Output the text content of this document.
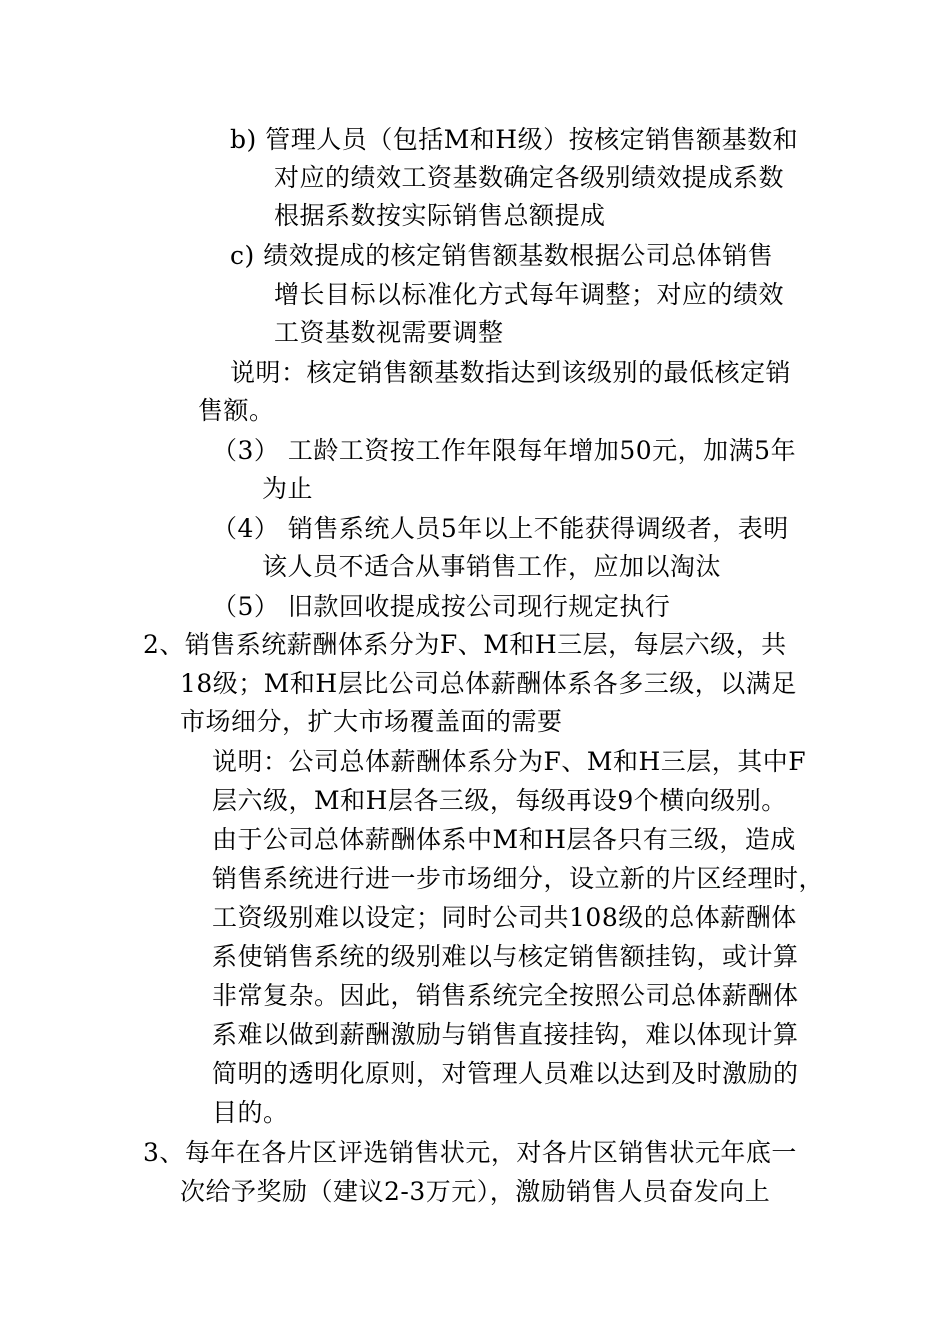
b) 管理人员（包括M和H级）按核定销售额基数和
对应的绩效工资基数确定各级别绩效提成系数
根据系数按实际销售总额提成
c) 绩效提成的核定销售额基数根据公司总体销售
增长目标以标准化方式每年调整；对应的绩效
工资基数视需要调整
说明：核定销售额基数指达到该级别的最低核定销
售额。
（3） 工龄工资按工作年限每年增加50元，加满5年
为止
（4） 销售系统人员5年以上不能获得调级者，表明
该人员不适合从事销售工作，应加以淘汰
（5） 旧款回收提成按公司现行规定执行
2、销售系统薪酬体系分为F、M和H三层，每层六级，共
18级；M和H层比公司总体薪酬体系各多三级，以满足
市场细分，扩大市场覆盖面的需要
说明：公司总体薪酬体系分为F、M和H三层，其中F
层六级，M和H层各三级，每级再设9个横向级别。
由于公司总体薪酬体系中M和H层各只有三级，造成
销售系统进行进一步市场细分，设立新的片区经理时，
工资级别难以设定；同时公司共108级的总体薪酬体
系使销售系统的级别难以与核定销售额挂钩，或计算
非常复杂。因此，销售系统完全按照公司总体薪酬体
系难以做到薪酬激励与销售直接挂钩，难以体现计算
简明的透明化原则，对管理人员难以达到及时激励的
目的。
3、每年在各片区评选销售状元，对各片区销售状元年底一
次给予奖励（建议2-3万元），激励销售人员奋发向上
